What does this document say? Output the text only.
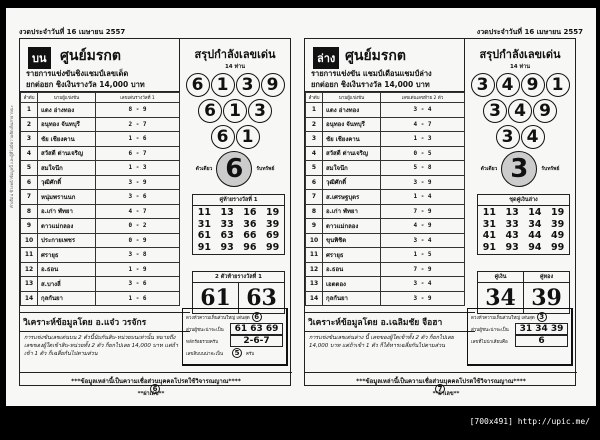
งวดประจำวันที่ 16 เมษายน 2557
คำเตือน ข้างหน้าข้อมูลนี้ และผู้ที่ไม่มีความคิดเห็นสาธารณะ
บน ศูนย์มรกต
รายการแข่งขันชิงแชมป์เลขเด็ด
ยกต่อยก ชิงเงินรางวัล 14,000 บาท
ลำดับ	นามผู้แข่งขัน	เลขเด่นรางวัลที่ 1
1	แดง อ่างทอง	8 - 9
2	อนุทอง จันทบุรี	2 - 7
3	ชัย เชียงคาน	1 - 6
4	สวัสดี ด่านเจริญ	6 - 7
5	สมใจนึก	1 - 3
6	วุฒิศักดิ์	3 - 9
7	หนุ่มพรานนก	3 - 6
8	อ.เก่า พัทยา	4 - 7
9	ดาวแม่กลอง	0 - 2
10	ประกายเพชร	0 - 9
11	ศรายุธ	3 - 8
12	อ.ธอน	1 - 9
13	ส.บางลี่	3 - 6
14	กุลกันยา	1 - 6
สรุปกำลังเลขเด่น
14 ท่าน
6 1 3 9
6 1 3
6 1
ตัวเดียว 6	รับทรัพย์
คู่ท้ายรางวัลที่ 1
11	13	16	19
31	33	36	39
61	63	66	69
91	93	96	99
2 ตัวท้ายรางวัลที่ 1
61 63
วิเคราะห์ข้อมูลโดย อ.แจ๋ว วรจักร
การแข่งขันเลขเด่นบน 2 ตัวนี้นับกันสิบ-หน่วยบนเท่านั้น หมายถึง เลขของผู้ใดเข้าสิบ-หน่วยทั้ง 2 ตัว ก็ยกไปเลย 14,000 บาท แต่ถ้าเข้า 1 ตัว ก็เฉลี่ยกันไปตามส่วน
ดวงหัวความเห็นส่วนใหญ่ เด่นสุด 6
ส่วนผู้ชนะน่าจะเป็น	61 63 69
หลักร้อยรวยครับ	2-6-7
เลขสิบบนน่าจะเป็น	5	ครับ
***ข้อมูลเหล่านี้เป็นความเชื่อส่วนบุคคลโปรดใช้วิจารณญาณ****
6
**ผ่าเลข**
งวดประจำวันที่ 16 เมษายน 2557
ล่าง ศูนย์มรกต
รายการแข่งขัน แชมป์เดือนแชมป์ล่าง
ยกต่อยก ชิงเงินรางวัล 14,000 บาท
ลำดับ	นามผู้แข่งขัน	เลขเด่นเลขท้าย 2 ตัว
1	แดง อ่างทอง	3 - 4
2	อนุทอง จันทบุรี	4 - 7
3	ชัย เชียงคาน	1 - 3
4	สวัสดี ด่านเจริญ	0 - 5
5	สมใจนึก	5 - 8
6	วุฒิศักดิ์	3 - 9
7	ส.เศรษฐบุตร	1 - 4
8	อ.เก่า พัทยา	7 - 9
9	ดาวแม่กลอง	4 - 9
10	ขุนพิชิต	3 - 4
11	ศรายุธ	1 - 5
12	อ.ธอน	7 - 9
13	เอตตอง	3 - 4
14	กุลกันยา	3 - 9
สรุปกำลังเลขเด่น
14 ท่าน
3 4 9 1
3 4 9
3 4
ตัวเดียว 3	รับทรัพย์
ชุดคู่เงินล่าง
11	13	14	19
31	33	34	39
41	43	44	49
91	93	94	99
คู่เงิน	คู่ทอง
34 39
วิเคราะห์ข้อมูลโดย อ.เฉลิมชัย จือฮา
การแข่งขันเลขเด่นล่าง นี้ เลขของผู้ใดเข้าทั้ง 2 ตัว ก็ยกไปเลย 14,000 บาท แต่ถ้าเข้า 1 ตัว ก็ได้หารเฉลี่ยกันไปตามส่วน
ดวงหัวความเห็นส่วนใหญ่ เด่นสุด 3
ส่วนผู้ชนะน่าจะเป็น	31 34 39
เลขที่ไม่น่าเสียบคือ	6
***ข้อมูลเหล่านี้เป็นความเชื่อส่วนบุคคลโปรดใช้วิจารณญาณ****
7
**ผ่าเลข**
[700x491] http://upic.me/
